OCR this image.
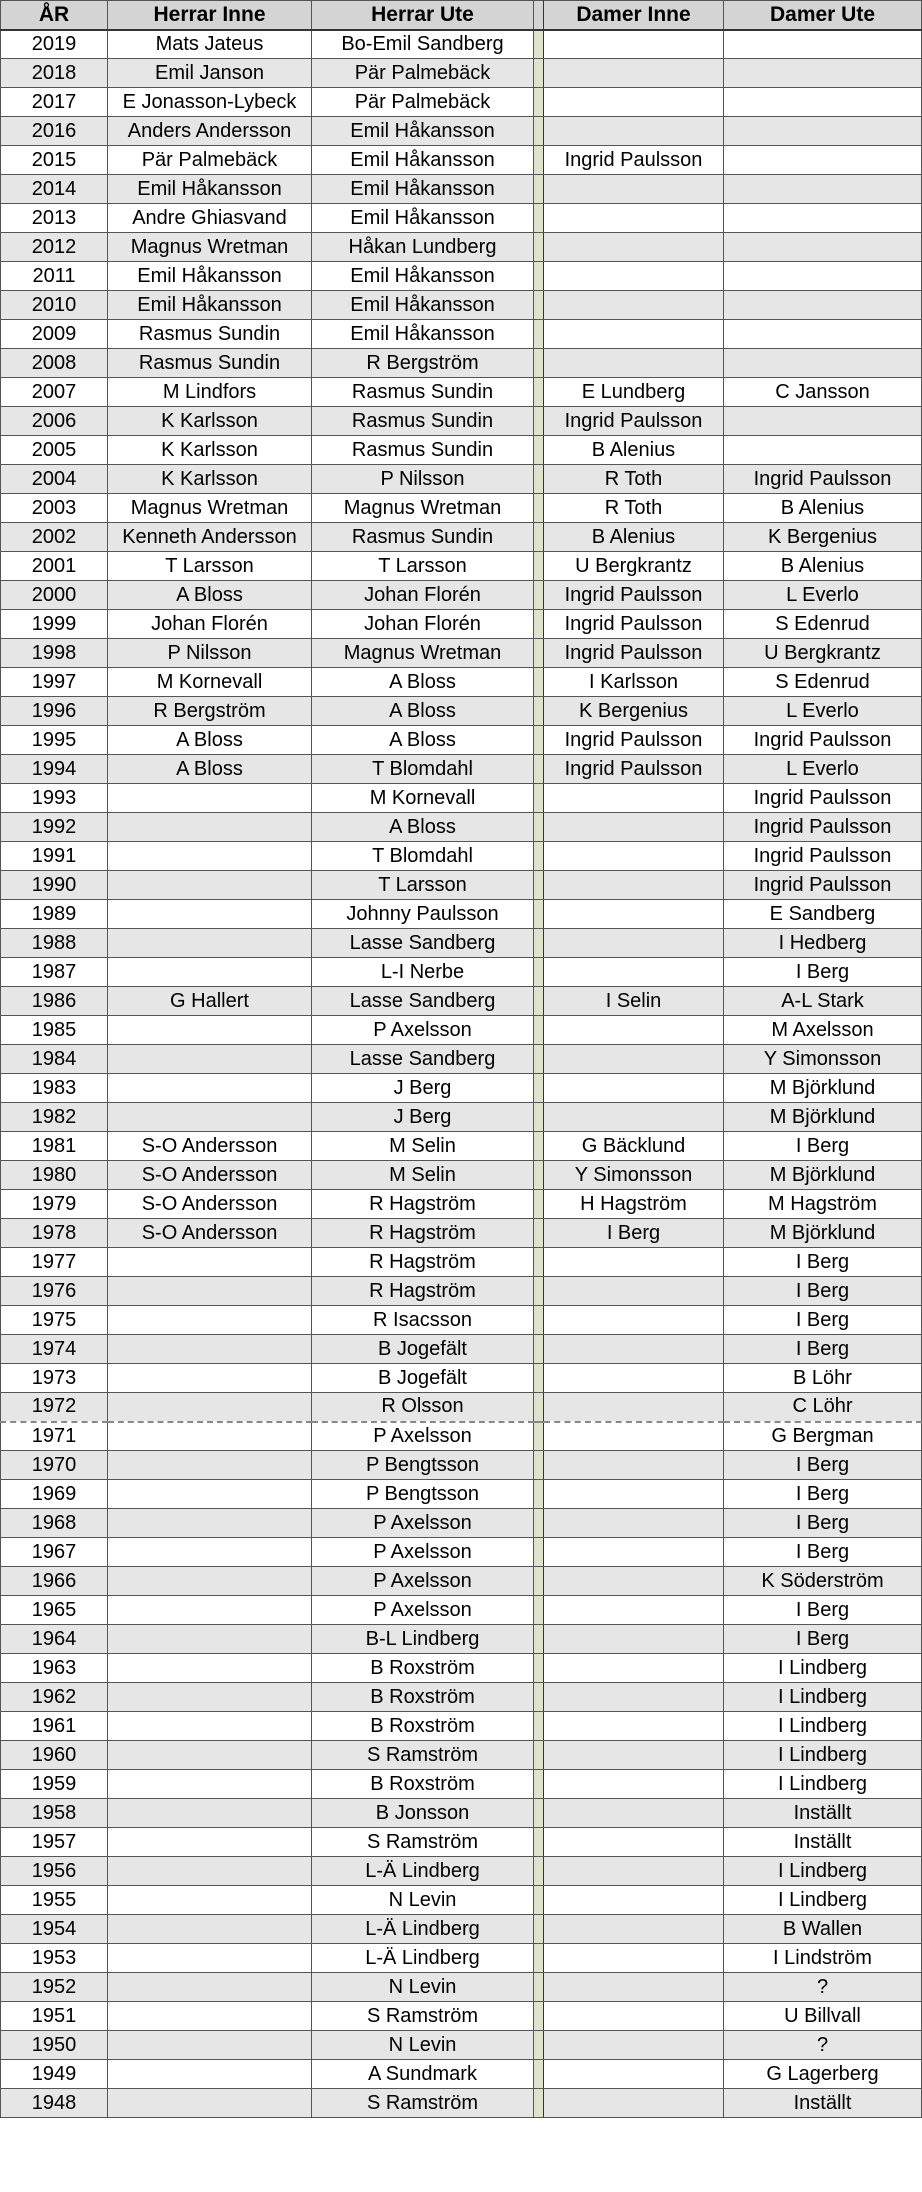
ÅR	Herrar Inne	Herrar Ute		Damer Inne	Damer Ute
2019	Mats Jateus	Bo-Emil Sandberg			
2018	Emil Janson	Pär Palmebäck			
2017	E Jonasson-Lybeck	Pär Palmebäck			
2016	Anders Andersson	Emil Håkansson			
2015	Pär Palmebäck	Emil Håkansson		Ingrid Paulsson	
2014	Emil Håkansson	Emil Håkansson			
2013	Andre Ghiasvand	Emil Håkansson			
2012	Magnus Wretman	Håkan Lundberg			
2011	Emil Håkansson	Emil Håkansson			
2010	Emil Håkansson	Emil Håkansson			
2009	Rasmus Sundin	Emil Håkansson			
2008	Rasmus Sundin	R Bergström			
2007	M Lindfors	Rasmus Sundin		E Lundberg	C Jansson
2006	K Karlsson	Rasmus Sundin		Ingrid Paulsson	
2005	K Karlsson	Rasmus Sundin		B Alenius	
2004	K Karlsson	P Nilsson		R Toth	Ingrid Paulsson
2003	Magnus Wretman	Magnus Wretman		R Toth	B Alenius
2002	Kenneth Andersson	Rasmus Sundin		B Alenius	K Bergenius
2001	T Larsson	T Larsson		U Bergkrantz	B Alenius
2000	A Bloss	Johan Florén		Ingrid Paulsson	L Everlo
1999	Johan Florén	Johan Florén		Ingrid Paulsson	S Edenrud
1998	P Nilsson	Magnus Wretman		Ingrid Paulsson	U Bergkrantz
1997	M Kornevall	A Bloss		I Karlsson	S Edenrud
1996	R Bergström	A Bloss		K Bergenius	L Everlo
1995	A Bloss	A Bloss		Ingrid Paulsson	Ingrid Paulsson
1994	A Bloss	T Blomdahl		Ingrid Paulsson	L Everlo
1993		M Kornevall			Ingrid Paulsson
1992		A Bloss			Ingrid Paulsson
1991		T Blomdahl			Ingrid Paulsson
1990		T Larsson			Ingrid Paulsson
1989		Johnny Paulsson			E Sandberg
1988		Lasse Sandberg			I Hedberg
1987		L-I Nerbe			I Berg
1986	G Hallert	Lasse Sandberg		I Selin	A-L Stark
1985		P Axelsson			M Axelsson
1984		Lasse Sandberg			Y Simonsson
1983		J Berg			M Björklund
1982		J Berg			M Björklund
1981	S-O Andersson	M Selin		G Bäcklund	I Berg
1980	S-O Andersson	M Selin		Y Simonsson	M Björklund
1979	S-O Andersson	R Hagström		H Hagström	M Hagström
1978	S-O Andersson	R Hagström		I Berg	M Björklund
1977		R Hagström			I Berg
1976		R Hagström			I Berg
1975		R Isacsson			I Berg
1974		B Jogefält			I Berg
1973		B Jogefält			B Löhr
1972		R Olsson			C Löhr
1971		P Axelsson			G Bergman
1970		P Bengtsson			I Berg
1969		P Bengtsson			I Berg
1968		P Axelsson			I Berg
1967		P Axelsson			I Berg
1966		P Axelsson			K Söderström
1965		P Axelsson			I Berg
1964		B-L Lindberg			I Berg
1963		B Roxström			I Lindberg
1962		B Roxström			I Lindberg
1961		B Roxström			I Lindberg
1960		S Ramström			I Lindberg
1959		B Roxström			I Lindberg
1958		B Jonsson			Inställt
1957		S Ramström			Inställt
1956		L-Ä Lindberg			I Lindberg
1955		N Levin			I Lindberg
1954		L-Ä Lindberg			B Wallen
1953		L-Ä Lindberg			I Lindström
1952		N Levin			?
1951		S Ramström			U Billvall
1950		N Levin			?
1949		A Sundmark			G Lagerberg
1948		S Ramström			Inställt
